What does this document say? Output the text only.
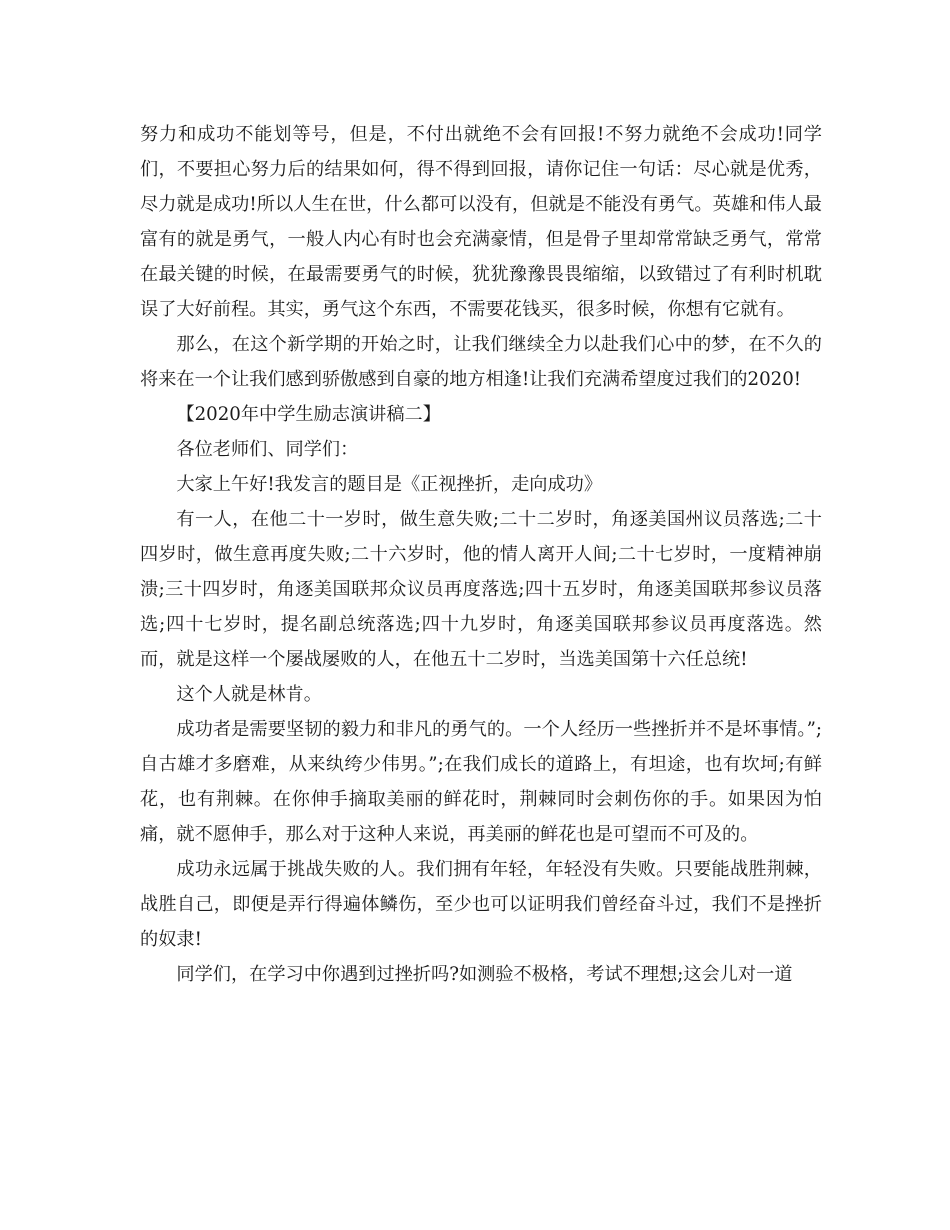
努力和成功不能划等号，但是，不付出就绝不会有回报!不努力就绝不会成功!同学们，不要担心努力后的结果如何，得不得到回报，请你记住一句话：尽心就是优秀，尽力就是成功!所以人生在世，什么都可以没有，但就是不能没有勇气。英雄和伟人最富有的就是勇气，一般人内心有时也会充满豪情，但是骨子里却常常缺乏勇气，常常在最关键的时候，在最需要勇气的时候，犹犹豫豫畏畏缩缩，以致错过了有利时机耽误了大好前程。其实，勇气这个东西，不需要花钱买，很多时候，你想有它就有。

那么，在这个新学期的开始之时，让我们继续全力以赴我们心中的梦，在不久的将来在一个让我们感到骄傲感到自豪的地方相逢!让我们充满希望度过我们的2020!

【2020年中学生励志演讲稿二】

各位老师们、同学们：

大家上午好!我发言的题目是《正视挫折，走向成功》

有一人，在他二十一岁时，做生意失败;二十二岁时，角逐美国州议员落选;二十四岁时，做生意再度失败;二十六岁时，他的情人离开人间;二十七岁时，一度精神崩溃;三十四岁时，角逐美国联邦众议员再度落选;四十五岁时，角逐美国联邦参议员落选;四十七岁时，提名副总统落选;四十九岁时，角逐美国联邦参议员再度落选。然而，就是这样一个屡战屡败的人，在他五十二岁时，当选美国第十六任总统!

这个人就是林肯。

成功者是需要坚韧的毅力和非凡的勇气的。一个人经历一些挫折并不是坏事情。”;自古雄才多磨难，从来纨绔少伟男。”;在我们成长的道路上，有坦途，也有坎坷;有鲜花，也有荆棘。在你伸手摘取美丽的鲜花时，荆棘同时会刺伤你的手。如果因为怕痛，就不愿伸手，那么对于这种人来说，再美丽的鲜花也是可望而不可及的。

成功永远属于挑战失败的人。我们拥有年轻，年轻没有失败。只要能战胜荆棘，战胜自己，即便是弄行得遍体鳞伤，至少也可以证明我们曾经奋斗过，我们不是挫折的奴隶!

同学们，在学习中你遇到过挫折吗?如测验不极格，考试不理想;这会儿对一道
